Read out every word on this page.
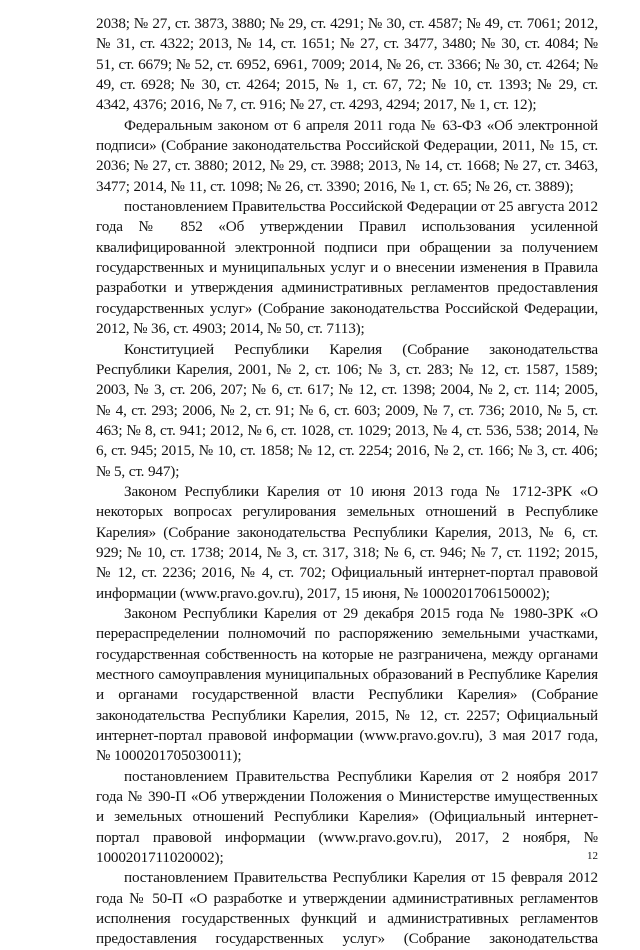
2038; № 27, ст. 3873, 3880; № 29, ст. 4291; № 30, ст. 4587; № 49, ст. 7061; 2012,
№ 31, ст. 4322; 2013, № 14, ст. 1651; № 27, ст. 3477, 3480; № 30, ст. 4084; №
51, ст. 6679; № 52, ст. 6952, 6961, 7009; 2014, № 26, ст. 3366; № 30, ст. 4264; №
49, ст. 6928; № 30, ст. 4264; 2015, № 1, ст. 67, 72; № 10, ст. 1393; № 29, ст.
4342, 4376; 2016, № 7, ст. 916; № 27, ст. 4293, 4294; 2017, № 1, ст. 12);
Федеральным законом от 6 апреля 2011 года № 63-ФЗ «Об электронной
подписи» (Собрание законодательства Российской Федерации, 2011, № 15, ст.
2036; № 27, ст. 3880; 2012, № 29, ст. 3988; 2013, № 14, ст. 1668; № 27, ст. 3463,
3477; 2014, № 11, ст. 1098; № 26, ст. 3390; 2016, № 1, ст. 65; № 26, ст. 3889);
постановлением Правительства Российской Федерации от 25 августа 2012
года № 852 «Об утверждении Правил использования усиленной
квалифицированной электронной подписи при обращении за получением
государственных и муниципальных услуг и о внесении изменения в Правила
разработки и утверждения административных регламентов предоставления
государственных услуг» (Собрание законодательства Российской Федерации,
2012, № 36, ст. 4903; 2014, № 50, ст. 7113);
Конституцией Республики Карелия (Собрание законодательства
Республики Карелия, 2001, № 2, ст. 106; № 3, ст. 283; № 12, ст. 1587, 1589;
2003, № 3, ст. 206, 207; № 6, ст. 617; № 12, ст. 1398; 2004, № 2, ст. 114; 2005,
№ 4, ст. 293; 2006, № 2, ст. 91; № 6, ст. 603; 2009, № 7, ст. 736; 2010, № 5, ст.
463; № 8, ст. 941; 2012, № 6, ст. 1028, ст. 1029; 2013, № 4, ст. 536, 538; 2014, №
6, ст. 945; 2015, № 10, ст. 1858; № 12, ст. 2254; 2016, № 2, ст. 166; № 3, ст. 406;
№ 5, ст. 947);
Законом Республики Карелия от 10 июня 2013 года № 1712-ЗРК «О
некоторых вопросах регулирования земельных отношений в Республике
Карелия» (Собрание законодательства Республики Карелия, 2013, № 6, ст.
929; № 10, ст. 1738; 2014, № 3, ст. 317, 318; № 6, ст. 946; № 7, ст. 1192; 2015,
№ 12, ст. 2236; 2016, № 4, ст. 702; Официальный интернет-портал правовой
информации (www.pravo.gov.ru), 2017, 15 июня, № 1000201706150002);
Законом Республики Карелия от 29 декабря 2015 года № 1980-ЗРК «О
перераспределении полномочий по распоряжению земельными участками,
государственная собственность на которые не разграничена, между органами
местного самоуправления муниципальных образований в Республике Карелия
и органами государственной власти Республики Карелия» (Собрание
законодательства Республики Карелия, 2015, № 12, ст. 2257; Официальный
интернет-портал правовой информации (www.pravo.gov.ru), 3 мая 2017 года,
№ 1000201705030011);
постановлением Правительства Республики Карелия от 2 ноября 2017
года № 390-П «Об утверждении Положения о Министерстве имущественных
и земельных отношений Республики Карелия» (Официальный интернет-
портал правовой информации (www.pravo.gov.ru), 2017, 2 ноября, №
1000201711020002);
постановлением Правительства Республики Карелия от 15 февраля 2012
года № 50-П «О разработке и утверждении административных регламентов
исполнения государственных функций и административных регламентов
предоставления государственных услуг» (Собрание законодательства
12
